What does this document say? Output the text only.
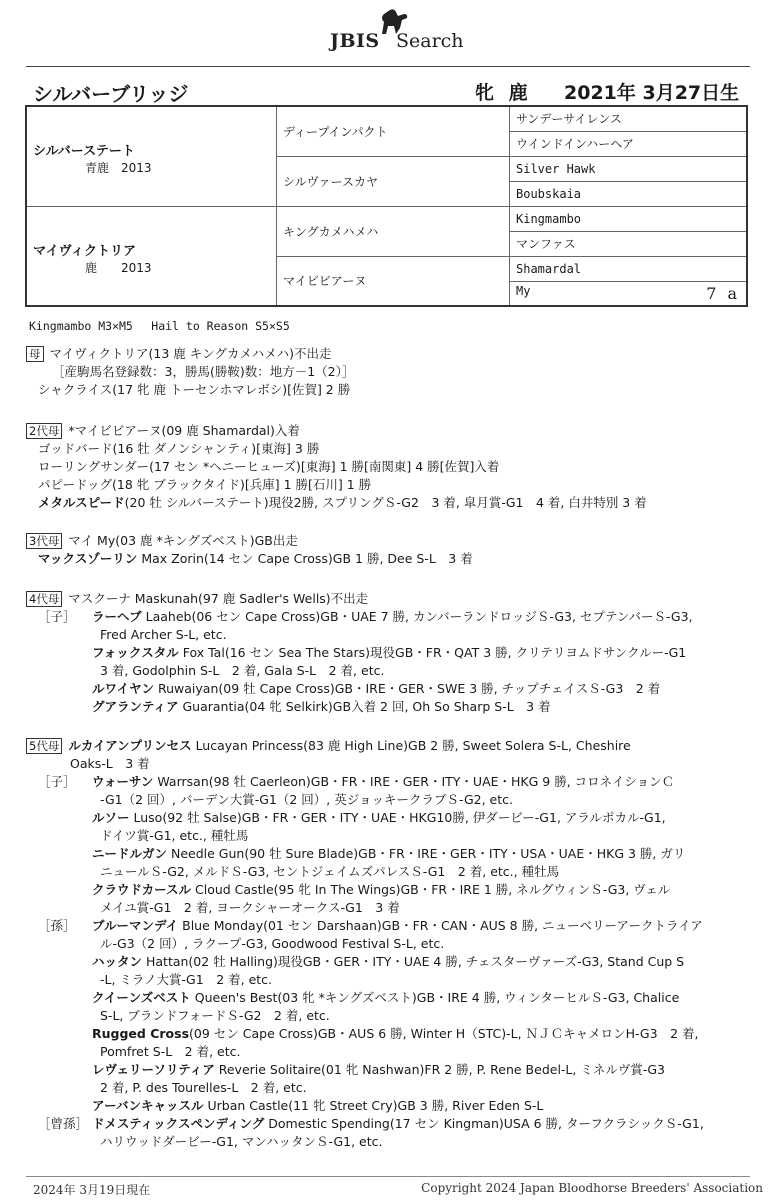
JBIS Search
シルバーブリッジ	牝 鹿 2021年 3月27日生
シルバーステート
青鹿　2013	ディープインパクト	サンデーサイレンス
		ウインドインハーヘア
	シルヴァースカヤ	Silver Hawk
		Boubskaia

マイヴィクトリア
鹿　　2013	キングカメハメハ	Kingmambo
		マンファス
	マイビビアーヌ	Shamardal
		My 7 a
Kingmambo M3×M5　 Hail to Reason S5×S5
母 マイヴィクトリア(13 鹿 キングカメハメハ)不出走
［産駒馬名登録数：3，勝馬(勝鞍)数：地方－1（2）］
シャクライス(17 牝 鹿 トーセンホマレボシ)[佐賀] 2 勝
2代母 *マイビビアーヌ(09 鹿 Shamardal)入着
ゴッドバード(16 牡 ダノンシャンティ)[東海] 3 勝
ローリングサンダー(17 セン *ヘニーヒューズ)[東海] 1 勝[南関東] 4 勝[佐賀]入着
パピードッグ(18 牝 ブラックタイド)[兵庫] 1 勝[石川] 1 勝
メタルスピード(20 牡 シルバーステート)現役2勝, スプリングＳ-G2　3 着, 皐月賞-G1　4 着, 白井特別 3 着
3代母 マイ My(03 鹿 *キングズベスト)GB出走
マックスゾーリン Max Zorin(14 セン Cape Cross)GB 1 勝, Dee S-L　3 着
4代母 マスクーナ Maskunah(97 鹿 Sadler's Wells)不出走
［子］ ラーヘブ Laaheb(06 セン Cape Cross)GB・UAE 7 勝, カンバーランドロッジＳ-G3, セプテンバーＳ-G3,
Fred Archer S-L, etc.
フォックスタル Fox Tal(16 セン Sea The Stars)現役GB・FR・QAT 3 勝, クリテリヨムドサンクルー-G1
3 着, Godolphin S-L　2 着, Gala S-L　2 着, etc.
ルワイヤン Ruwaiyan(09 牡 Cape Cross)GB・IRE・GER・SWE 3 勝, チップチェイスＳ-G3　2 着
グアランティア Guarantia(04 牝 Selkirk)GB入着 2 回, Oh So Sharp S-L　3 着
5代母 ルカイアンプリンセス Lucayan Princess(83 鹿 High Line)GB 2 勝, Sweet Solera S-L, Cheshire
Oaks-L　3 着
［子］ ウォーサン Warrsan(98 牡 Caerleon)GB・FR・IRE・GER・ITY・UAE・HKG 9 勝, コロネイションＣ
-G1（2 回）, バーデン大賞-G1（2 回）, 英ジョッキークラブＳ-G2, etc.
ルソー Luso(92 牡 Salse)GB・FR・GER・ITY・UAE・HKG10勝, 伊ダービー-G1, アラルポカル-G1,
ドイツ賞-G1, etc., 種牡馬
ニードルガン Needle Gun(90 牡 Sure Blade)GB・FR・IRE・GER・ITY・USA・UAE・HKG 3 勝, ガリ
ニュールＳ-G2, メルドＳ-G3, セントジェイムズパレスＳ-G1　2 着, etc., 種牡馬
クラウドカースル Cloud Castle(95 牝 In The Wings)GB・FR・IRE 1 勝, ネルグウィンＳ-G3, ヴェル
メイユ賞-G1　2 着, ヨークシャーオークス-G1　3 着
［孫］ ブルーマンデイ Blue Monday(01 セン Darshaan)GB・FR・CAN・AUS 8 勝, ニューベリーアークトライア
ル-G3（2 回）, ラクープ-G3, Goodwood Festival S-L, etc.
ハッタン Hattan(02 牡 Halling)現役GB・GER・ITY・UAE 4 勝, チェスターヴァーズ-G3, Stand Cup S
-L, ミラノ大賞-G1　2 着, etc.
クイーンズベスト Queen's Best(03 牝 *キングズベスト)GB・IRE 4 勝, ウィンターヒルＳ-G3, Chalice
S-L, ブランドフォードＳ-G2　2 着, etc.
Rugged Cross(09 セン Cape Cross)GB・AUS 6 勝, Winter H（STC)-L, ＮＪＣキャメロンH-G3　2 着,
Pomfret S-L　2 着, etc.
レヴェリーソリティア Reverie Solitaire(01 牝 Nashwan)FR 2 勝, P. Rene Bedel-L, ミネルヴ賞-G3
2 着, P. des Tourelles-L　2 着, etc.
アーバンキャッスル Urban Castle(11 牝 Street Cry)GB 3 勝, River Eden S-L
［曾孫］ ドメスティックスペンディング Domestic Spending(17 セン Kingman)USA 6 勝, ターフクラシックＳ-G1,
ハリウッドダービー-G1, マンハッタンＳ-G1, etc.
2024年 3月19日現在	Copyright 2024 Japan Bloodhorse Breeders' Association
